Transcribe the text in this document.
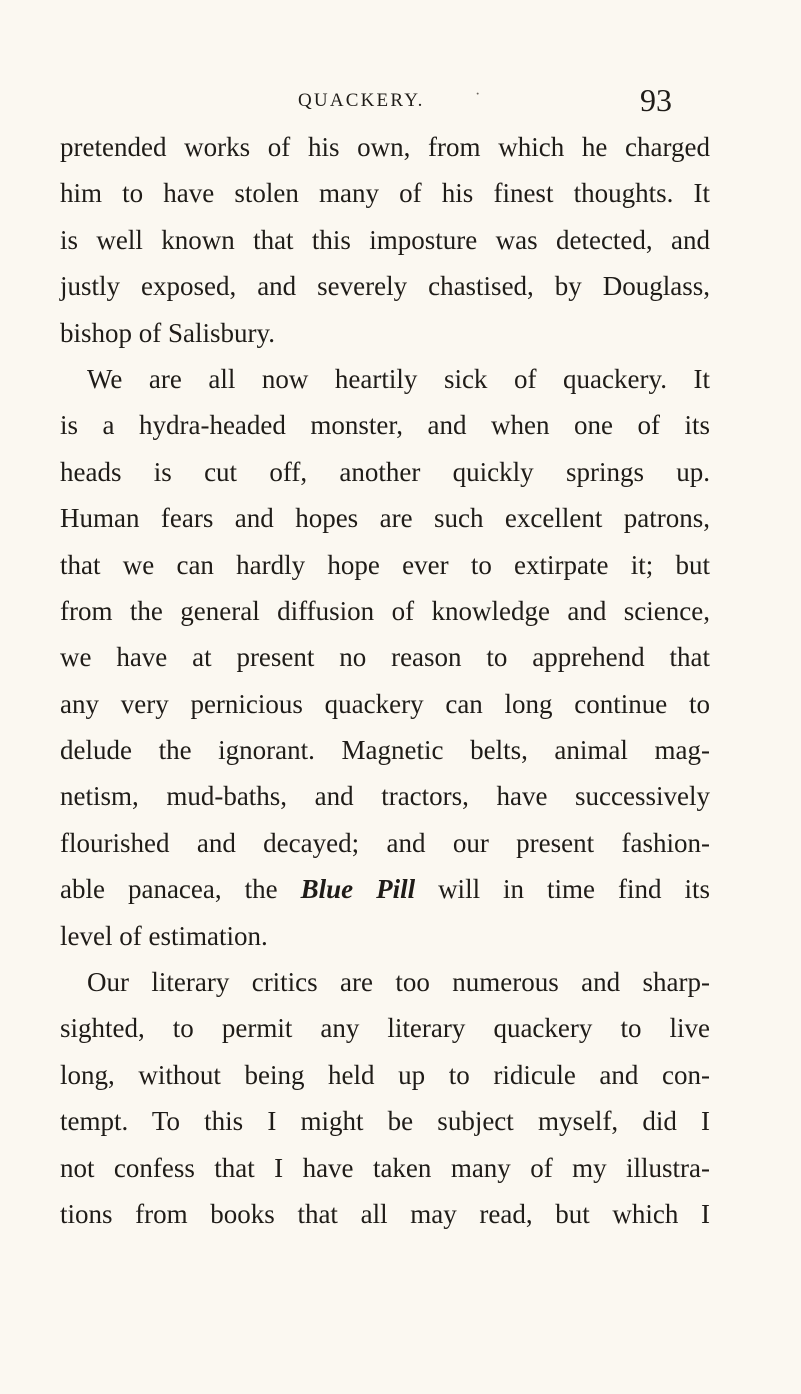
QUACKERY.	·	93
pretended works of his own, from which he charged
him to have stolen many of his finest thoughts. It
is well known that this imposture was detected, and
justly exposed, and severely chastised, by Douglass,
bishop of Salisbury.
We are all now heartily sick of quackery. It
is a hydra-headed monster, and when one of its
heads is cut off, another quickly springs up.
Human fears and hopes are such excellent patrons,
that we can hardly hope ever to extirpate it; but
from the general diffusion of knowledge and science,
we have at present no reason to apprehend that
any very pernicious quackery can long continue to
delude the ignorant. Magnetic belts, animal mag-
netism, mud-baths, and tractors, have successively
flourished and decayed; and our present fashion-
able panacea, the Blue Pill will in time find its
level of estimation.
Our literary critics are too numerous and sharp-
sighted, to permit any literary quackery to live
long, without being held up to ridicule and con-
tempt. To this I might be subject myself, did I
not confess that I have taken many of my illustra-
tions from books that all may read, but which I
